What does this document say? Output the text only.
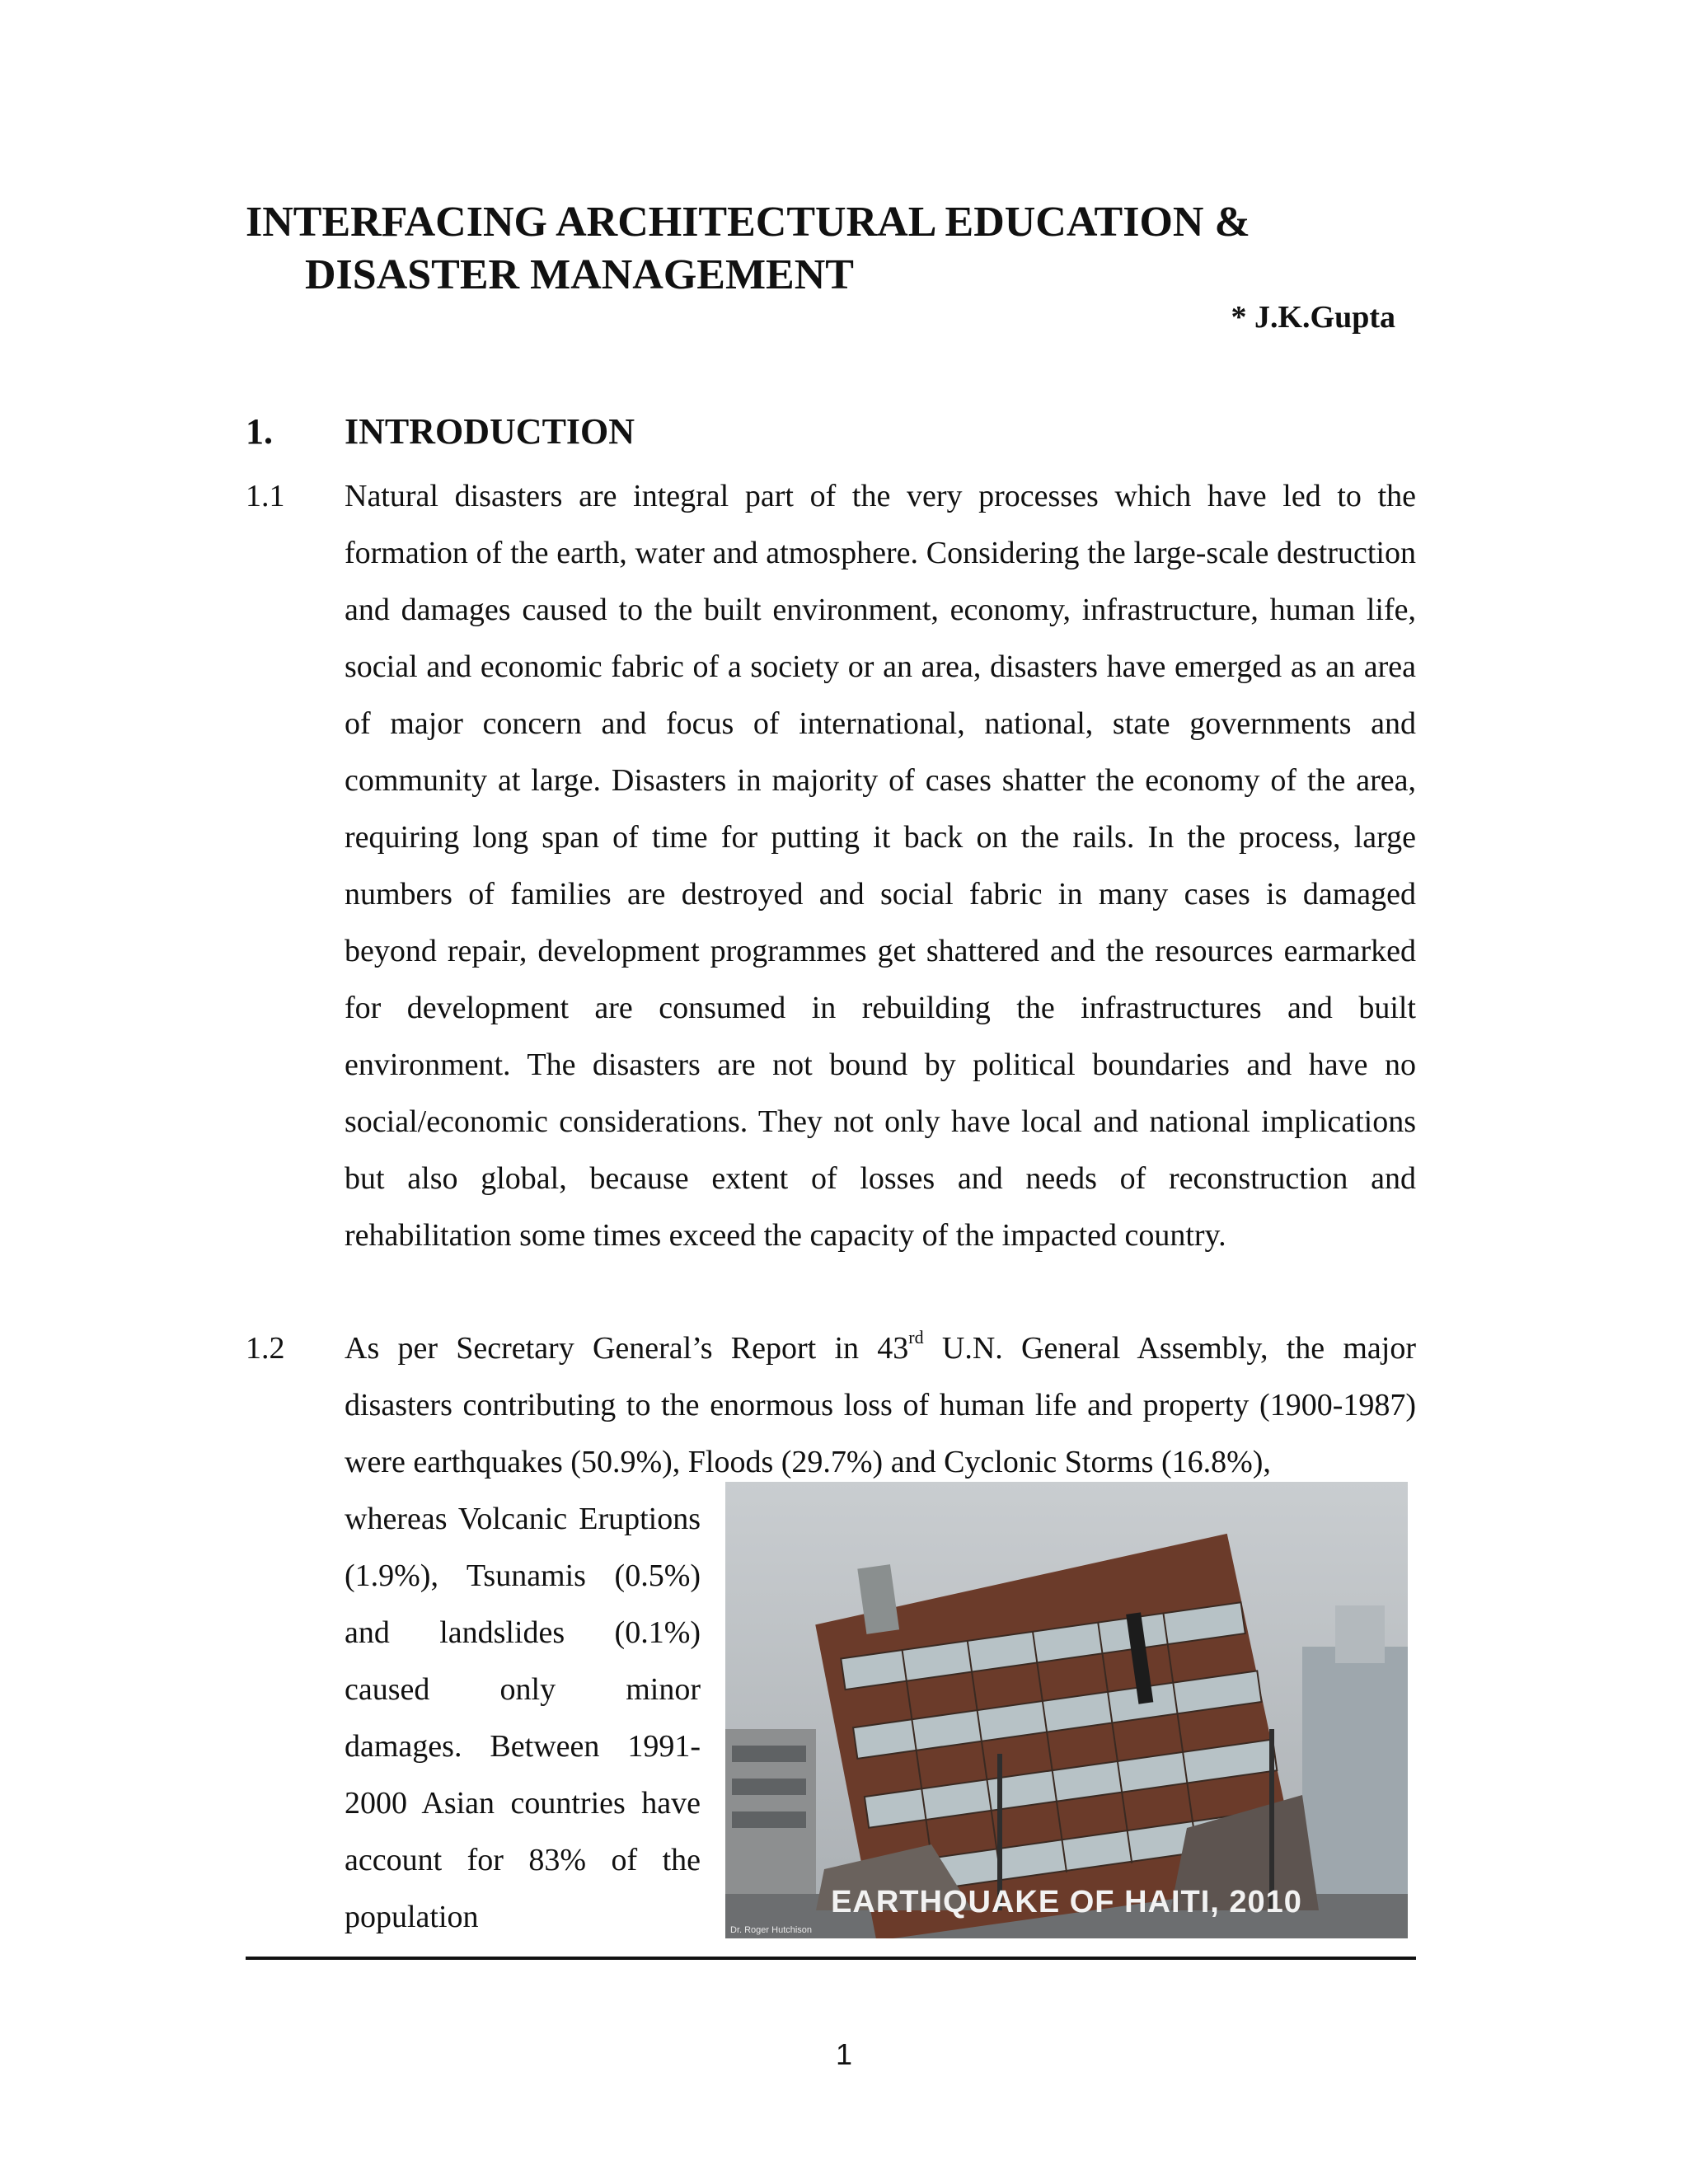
INTERFACING ARCHITECTURAL EDUCATION &
DISASTER MANAGEMENT

* J.K.Gupta

1. INTRODUCTION
1.1 Natural disasters are integral part of the very processes which have led to the formation of the earth, water and atmosphere. Considering the large-scale destruction and damages caused to the built environment, economy, infrastructure, human life, social and economic fabric of a society or an area, disasters have emerged as an area of major concern and focus of international, national, state governments and community at large. Disasters in majority of cases shatter the economy of the area, requiring long span of time for putting it back on the rails. In the process, large numbers of families are destroyed and social fabric in many cases is damaged beyond repair, development programmes get shattered and the resources earmarked for development are consumed in rebuilding the infrastructures and built environment. The disasters are not bound by political boundaries and have no social/economic considerations. They not only have local and national implications but also global, because extent of losses and needs of reconstruction and rehabilitation some times exceed the capacity of the impacted country.

1.2 As per Secretary General’s Report in 43rd U.N. General Assembly, the major disasters contributing to the enormous loss of human life and property (1900-1987) were earthquakes (50.9%), Floods (29.7%) and Cyclonic Storms (16.8%),

whereas Volcanic Eruptions (1.9%), Tsunamis (0.5%) and landslides (0.1%) caused only minor damages. Between 1991-2000 Asian countries have account for 83% of the population	EARTHQUAKE OF HAITI, 2010
Dr. Roger Hutchison
1
